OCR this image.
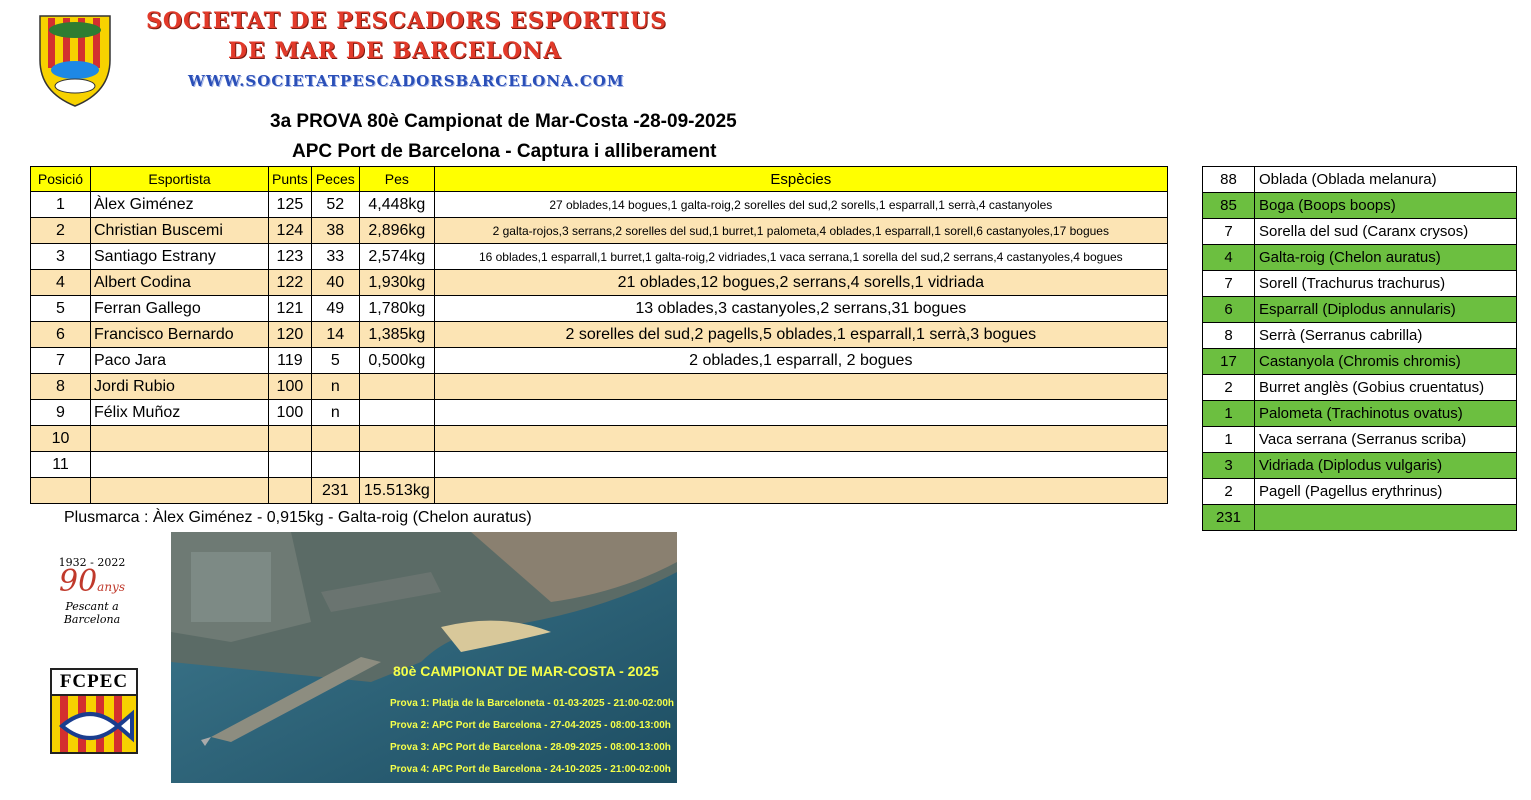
SOCIETAT DE PESCADORS ESPORTIUS
DE MAR DE BARCELONA
WWW.SOCIETATPESCADORSBARCELONA.COM
3a PROVA 80è Campionat de Mar-Costa -28-09-2025
APC Port de Barcelona - Captura i alliberament
Posició	Esportista	Punts	Peces	Pes	Espècies
1	Àlex Giménez	125	52	4,448kg	27 oblades,14 bogues,1 galta-roig,2 sorelles del sud,2 sorells,1 esparrall,1 serrà,4 castanyoles
2	Christian Buscemi	124	38	2,896kg	2 galta-rojos,3 serrans,2 sorelles del sud,1 burret,1 palometa,4 oblades,1 esparrall,1 sorell,6 castanyoles,17 bogues
3	Santiago Estrany	123	33	2,574kg	16 oblades,1 esparrall,1 burret,1 galta-roig,2 vidriades,1 vaca serrana,1 sorella del sud,2 serrans,4 castanyoles,4 bogues
4	Albert Codina	122	40	1,930kg	21 oblades,12 bogues,2 serrans,4 sorells,1 vidriada
5	Ferran Gallego	121	49	1,780kg	13 oblades,3 castanyoles,2 serrans,31 bogues
6	Francisco Bernardo	120	14	1,385kg	2 sorelles del sud,2 pagells,5 oblades,1 esparrall,1 serrà,3 bogues
7	Paco Jara	119	5	0,500kg	2 oblades,1 esparrall, 2 bogues
8	Jordi Rubio	100	n		
9	Félix Muñoz	100	n		
10					
11					
			231	15.513kg	
Plusmarca : Àlex Giménez - 0,915kg - Galta-roig (Chelon auratus)
88	Oblada (Oblada melanura)
85	Boga (Boops boops)
7	Sorella del sud (Caranx crysos)
4	Galta-roig (Chelon auratus)
7	Sorell (Trachurus trachurus)
6	Esparrall (Diplodus annularis)
8	Serrà (Serranus cabrilla)
17	Castanyola (Chromis chromis)
2	Burret anglès (Gobius cruentatus)
1	Palometa (Trachinotus ovatus)
1	Vaca serrana (Serranus scriba)
3	Vidriada (Diplodus vulgaris)
2	Pagell (Pagellus erythrinus)
231	
1932 - 2022
90anys
Pescant a Barcelona
FCPEC	80è CAMPIONAT DE MAR-COSTA - 2025
Prova 1: Platja de la Barceloneta - 01-03-2025 - 21:00-02:00h
Prova 2: APC Port de Barcelona - 27-04-2025 - 08:00-13:00h
Prova 3: APC Port de Barcelona - 28-09-2025 - 08:00-13:00h
Prova 4: APC Port de Barcelona - 24-10-2025 - 21:00-02:00h
